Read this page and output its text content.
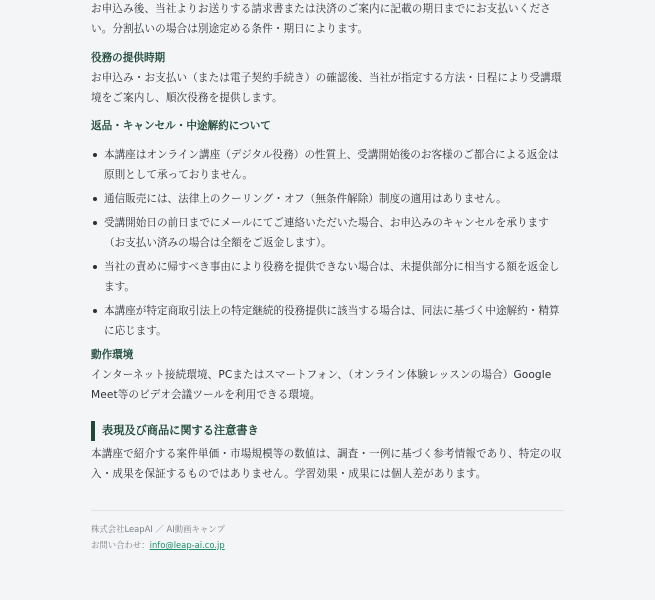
お申込み後、当社よりお送りする請求書または決済のご案内に記載の期日までにお支払いください。分割払いの場合は別途定める条件・期日によります。

役務の提供時期

お申込み・お支払い（または電子契約手続き）の確認後、当社が指定する方法・日程により受講環境をご案内し、順次役務を提供します。

返品・キャンセル・中途解約について

本講座はオンライン講座（デジタル役務）の性質上、受講開始後のお客様のご都合による返金は原則として承っておりません。
通信販売には、法律上のクーリング・オフ（無条件解除）制度の適用はありません。
受講開始日の前日までにメールにてご連絡いただいた場合、お申込みのキャンセルを承ります（お支払い済みの場合は全額をご返金します）。
当社の責めに帰すべき事由により役務を提供できない場合は、未提供部分に相当する額を返金します。
本講座が特定商取引法上の特定継続的役務提供に該当する場合は、同法に基づく中途解約・精算に応じます。

動作環境

インターネット接続環境、PCまたはスマートフォン、（オンライン体験レッスンの場合）Google Meet等のビデオ会議ツールを利用できる環境。

表現及び商品に関する注意書き

本講座で紹介する案件単価・市場規模等の数値は、調査・一例に基づく参考情報であり、特定の収入・成果を保証するものではありません。学習効果・成果には個人差があります。

株式会社LeapAI ／ AI動画キャンプ

お問い合わせ：info@leap-ai.co.jp
